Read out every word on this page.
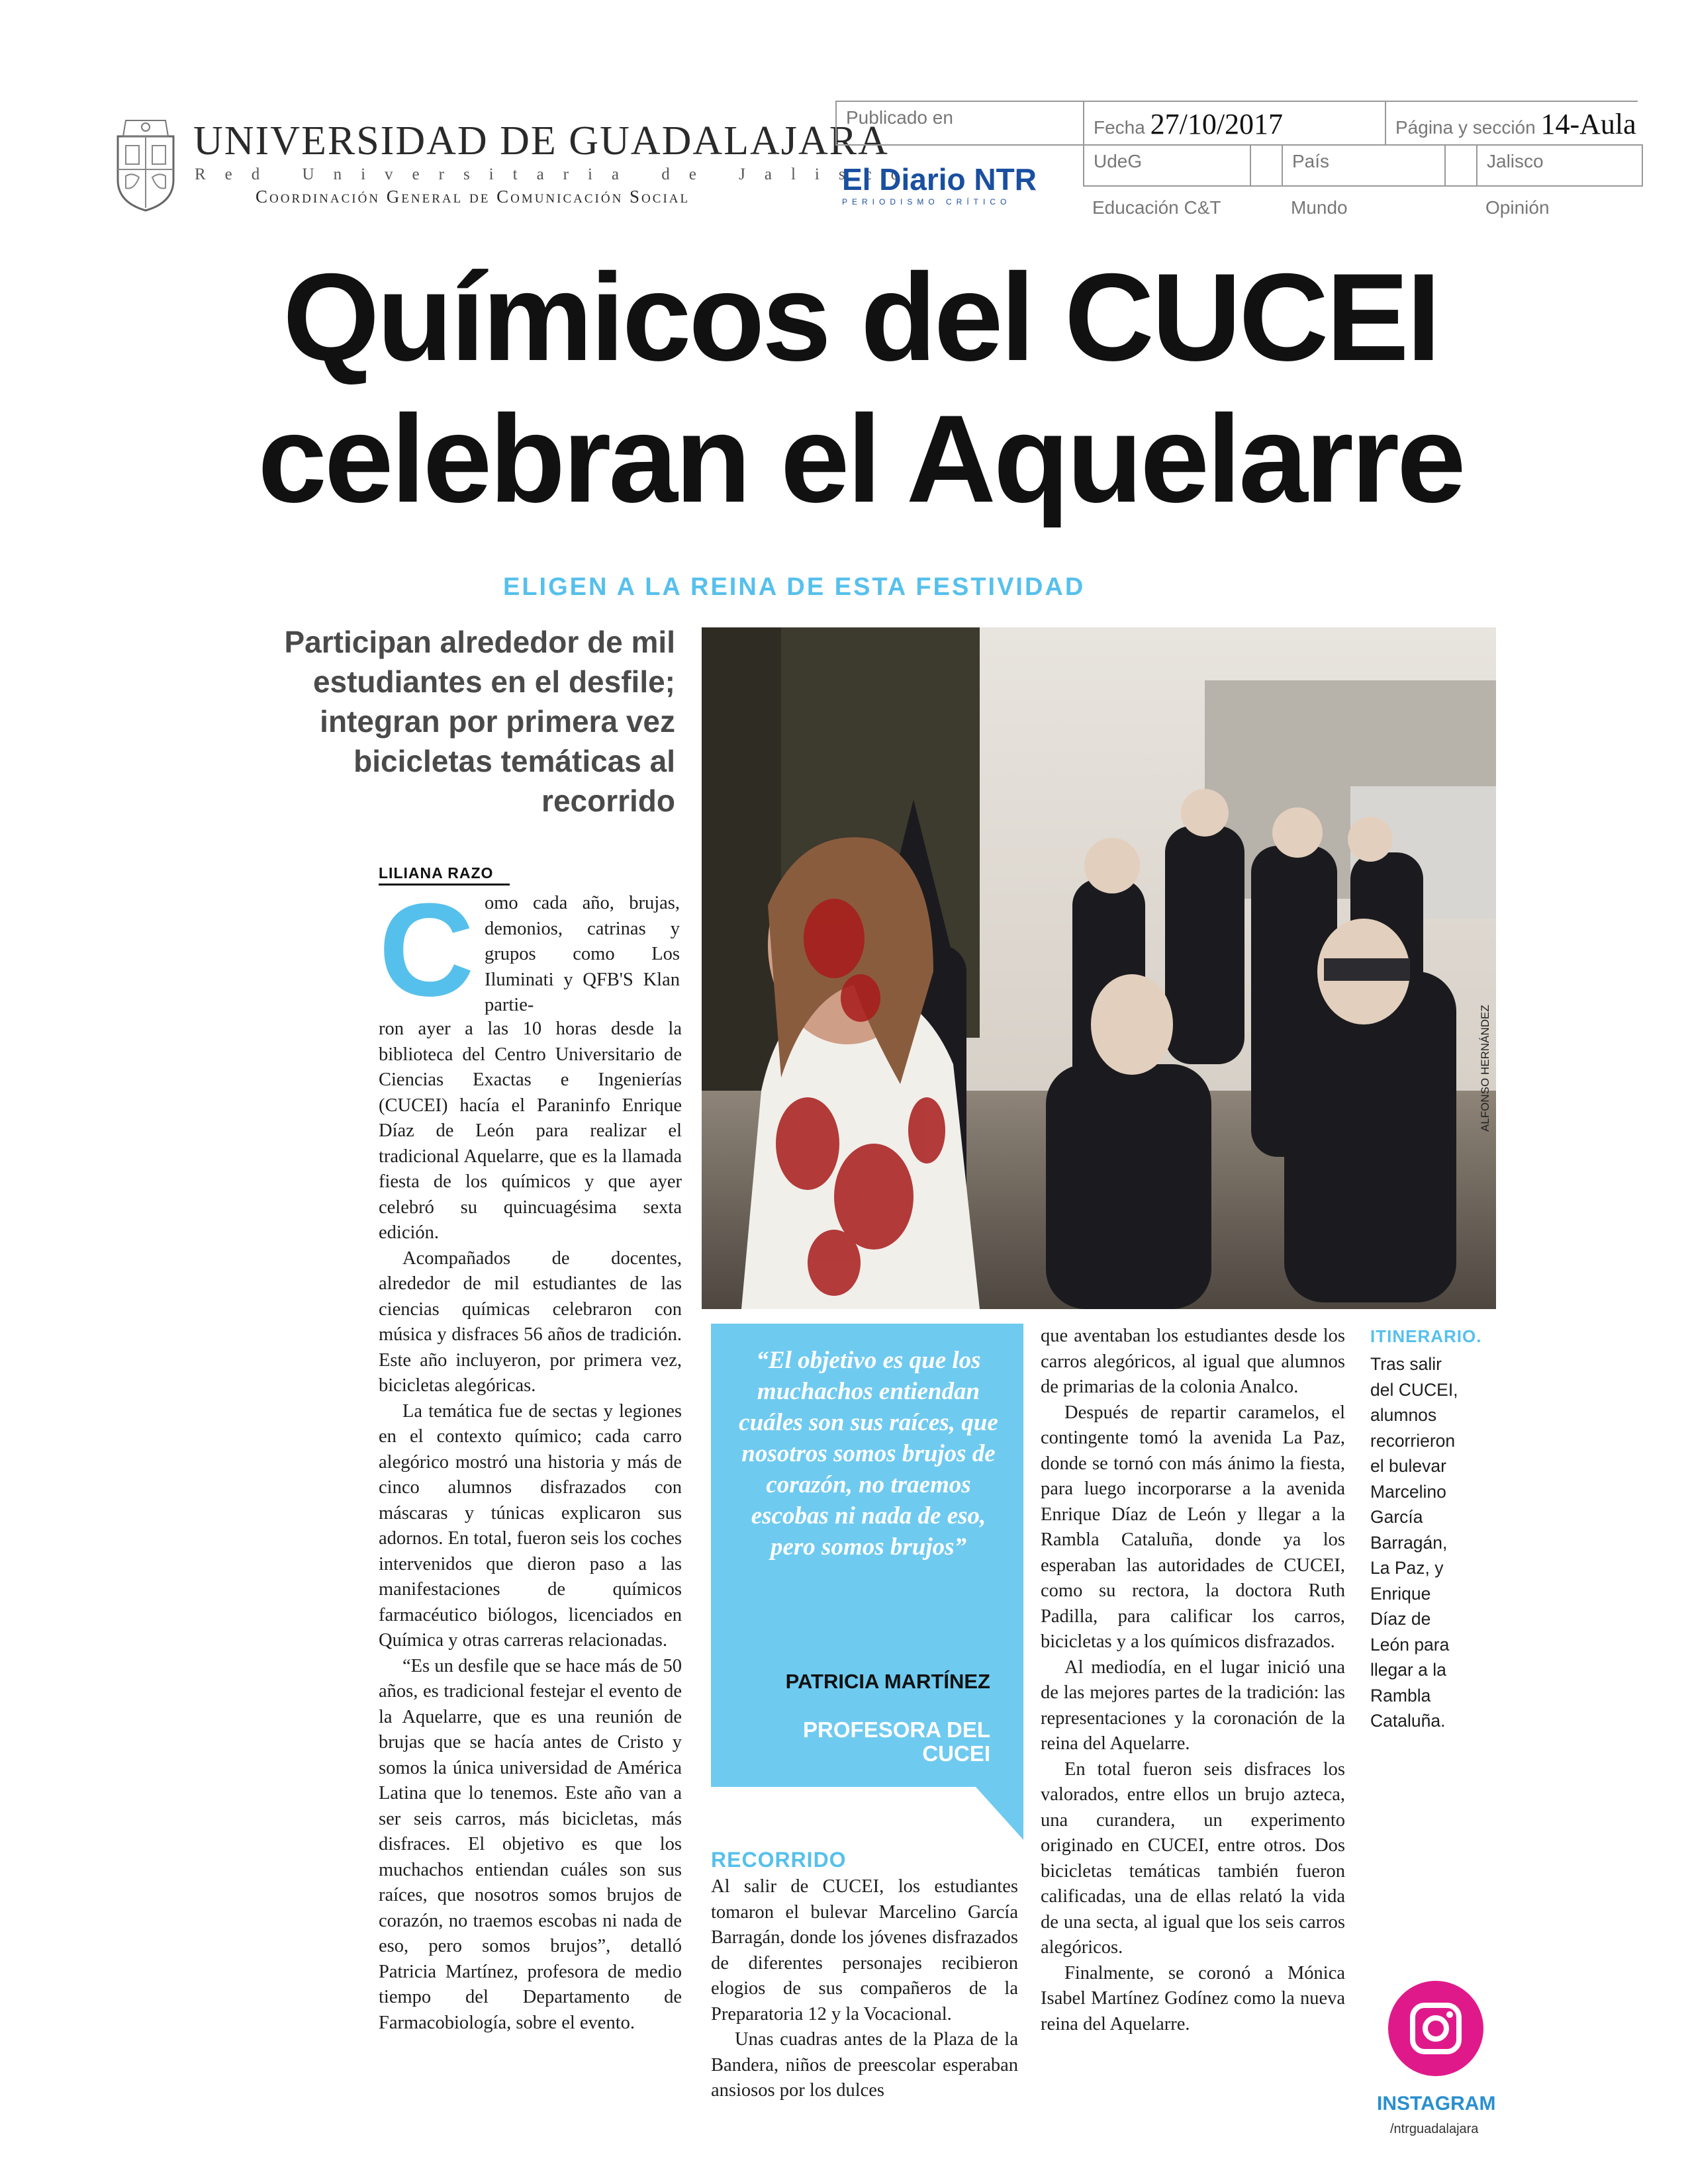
UNIVERSIDAD DE GUADALAJARA
Red Universitaria de Jalisco
Coordinación General de Comunicación Social
Publicado en	Fecha 27/10/2017	Página y sección 14-Aula
UdeG	País	Jalisco
Educación C&T	Mundo	Opinión
El Diario NTR
PERIODISMO CRÍTICO
Químicos del CUCEI
celebran el Aquelarre
ELIGEN A LA REINA DE ESTA FESTIVIDAD
Participan alrededor de mil estudiantes en el desfile; integran por primera vez bicicletas temáticas al recorrido
ALFONSO HERNÁNDEZ
LILIANA RAZO
C omo cada año, brujas, demonios, catrinas y grupos como Los Iluminati y QFB'S Klan partie-

ron ayer a las 10 horas desde la biblioteca del Centro Universitario de Ciencias Exactas e Ingenierías (CUCEI) hacía el Paraninfo Enrique Díaz de León para realizar el tradicional Aquelarre, que es la llamada fiesta de los químicos y que ayer celebró su quincuagésima sexta edición.

Acompañados de docentes, alrededor de mil estudiantes de las ciencias químicas celebraron con música y disfraces 56 años de tradición. Este año incluyeron, por primera vez, bicicletas alegóricas.

La temática fue de sectas y legiones en el contexto químico; cada carro alegórico mostró una historia y más de cinco alumnos disfrazados con máscaras y túnicas explicaron sus adornos. En total, fueron seis los coches intervenidos que dieron paso a las manifestaciones de químicos farmacéutico biólogos, licenciados en Química y otras carreras relacionadas.

“Es un desfile que se hace más de 50 años, es tradicional festejar el evento de la Aquelarre, que es una reunión de brujas que se hacía antes de Cristo y somos la única universidad de América Latina que lo tenemos. Este año van a ser seis carros, más bicicletas, más disfraces. El objetivo es que los muchachos entiendan cuáles son sus raíces, que nosotros somos brujos de corazón, no traemos escobas ni nada de eso, pero somos brujos”, detalló Patricia Martínez, profesora de medio tiempo del Departamento de Farmacobiología, sobre el evento.

“El objetivo es que los muchachos entiendan cuáles son sus raíces, que nosotros somos brujos de corazón, no traemos escobas ni nada de eso, pero somos brujos”
PATRICIA MARTÍNEZ
PROFESORA DEL CUCEI
RECORRIDO

Al salir de CUCEI, los estudiantes tomaron el bulevar Marcelino García Barragán, donde los jóvenes disfrazados de diferentes personajes recibieron elogios de sus compañeros de la Preparatoria 12 y la Vocacional.

Unas cuadras antes de la Plaza de la Bandera, niños de preescolar esperaban ansiosos por los dulces

que aventaban los estudiantes desde los carros alegóricos, al igual que alumnos de primarias de la colonia Analco.

Después de repartir caramelos, el contingente tomó la avenida La Paz, donde se tornó con más ánimo la fiesta, para luego incorporarse a la avenida Enrique Díaz de León y llegar a la Rambla Cataluña, donde ya los esperaban las autoridades de CUCEI, como su rectora, la doctora Ruth Padilla, para calificar los carros, bicicletas y a los químicos disfrazados.

Al mediodía, en el lugar inició una de las mejores partes de la tradición: las representaciones y la coronación de la reina del Aquelarre.

En total fueron seis disfraces los valorados, entre ellos un brujo azteca, una curandera, un experimento originado en CUCEI, entre otros. Dos bicicletas temáticas también fueron calificadas, una de ellas relató la vida de una secta, al igual que los seis carros alegóricos.

Finalmente, se coronó a Mónica Isabel Martínez Godínez como la nueva reina del Aquelarre.

ITINERARIO.
Tras salir del CUCEI, alumnos recorrieron el bulevar Marcelino García Barragán, La Paz, y Enrique Díaz de León para llegar a la Rambla Cataluña.
INSTAGRAM
/ntrguadalajara
